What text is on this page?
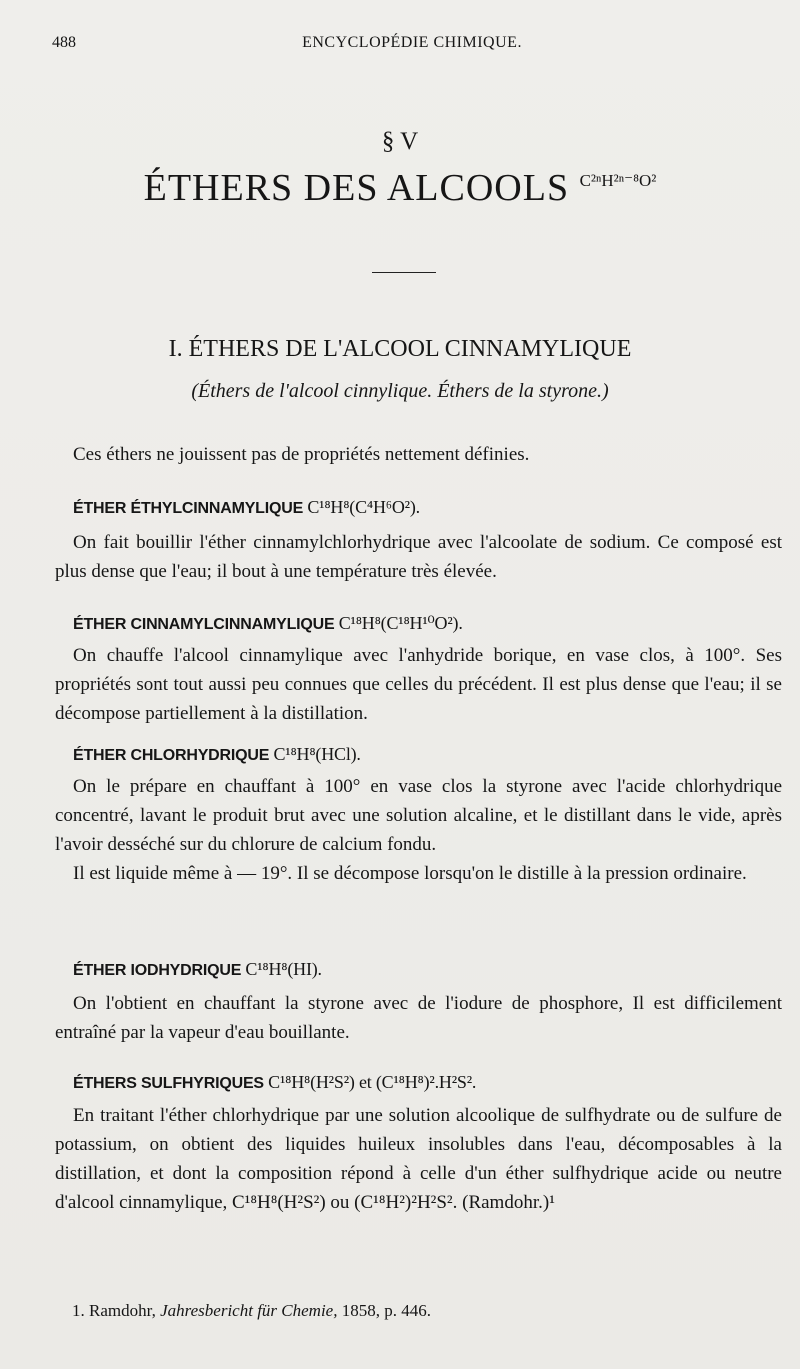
488	ENCYCLOPÉDIE CHIMIQUE.
§ V
ÉTHERS DES ALCOOLS $^{C^{2n}H^{2n-8}O^2}$
I. ÉTHERS DE L'ALCOOL CINNAMYLIQUE
(Éthers de l'alcool cinnylique. Éthers de la styrone.)

Ces éthers ne jouissent pas de propriétés nettement définies.

ÉTHER ÉTHYLCINNAMYLIQUE C¹⁸H⁸(C⁴H⁶O²).

On fait bouillir l'éther cinnamylchlorhydrique avec l'alcoolate de sodium. Ce composé est plus dense que l'eau; il bout à une température très élevée.

ÉTHER CINNAMYLCINNAMYLIQUE C¹⁸H⁸(C¹⁸H¹⁰O²).

On chauffe l'alcool cinnamylique avec l'anhydride borique, en vase clos, à 100°. Ses propriétés sont tout aussi peu connues que celles du précédent. Il est plus dense que l'eau; il se décompose partiellement à la distillation.

ÉTHER CHLORHYDRIQUE C¹⁸H⁸(HCl).

On le prépare en chauffant à 100° en vase clos la styrone avec l'acide chlorhydrique concentré, lavant le produit brut avec une solution alcaline, et le distillant dans le vide, après l'avoir desséché sur du chlorure de calcium fondu.

Il est liquide même à — 19°. Il se décompose lorsqu'on le distille à la pression ordinaire.

ÉTHER IODHYDRIQUE C¹⁸H⁸(HI).

On l'obtient en chauffant la styrone avec de l'iodure de phosphore, Il est difficilement entraîné par la vapeur d'eau bouillante.

ÉTHERS SULFHYRIQUES C¹⁸H⁸(H²S²) et (C¹⁸H⁸)².H²S².

En traitant l'éther chlorhydrique par une solution alcoolique de sulfhydrate ou de sulfure de potassium, on obtient des liquides huileux insolubles dans l'eau, décomposables à la distillation, et dont la composition répond à celle d'un éther sulfhydrique acide ou neutre d'alcool cinnamylique, C¹⁸H⁸(H²S²) ou (C¹⁸H²)²H²S². (Ramdohr.)¹

1. Ramdohr, Jahresbericht für Chemie, 1858, p. 446.
